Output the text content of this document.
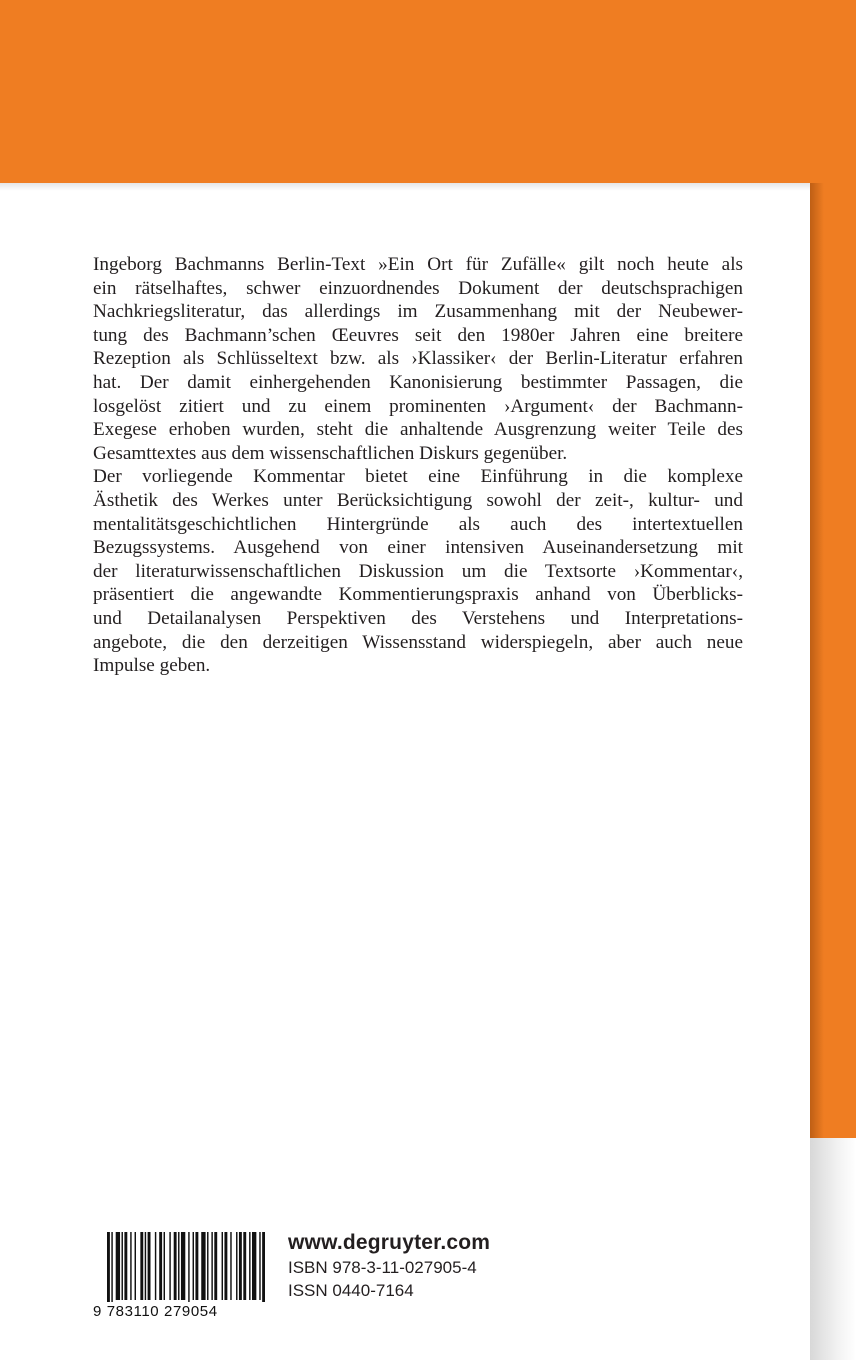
Ingeborg Bachmanns Berlin-Text »Ein Ort für Zufälle« gilt noch heute als
ein rätselhaftes, schwer einzuordnendes Dokument der deutschsprachigen
Nachkriegsliteratur, das allerdings im Zusammenhang mit der Neubewer-
tung des Bachmann’schen Œeuvres seit den 1980er Jahren eine breitere
Rezeption als Schlüsseltext bzw. als ›Klassiker‹ der Berlin-Literatur erfahren
hat. Der damit einhergehenden Kanonisierung bestimmter Passagen, die
losgelöst zitiert und zu einem prominenten ›Argument‹ der Bachmann-
Exegese erhoben wurden, steht die anhaltende Ausgrenzung weiter Teile des
Gesamttextes aus dem wissenschaftlichen Diskurs gegenüber.
Der vorliegende Kommentar bietet eine Einführung in die komplexe
Ästhetik des Werkes unter Berücksichtigung sowohl der zeit-, kultur- und
mentalitätsgeschichtlichen Hintergründe als auch des intertextuellen
Bezugssystems. Ausgehend von einer intensiven Auseinandersetzung mit
der literaturwissenschaftlichen Diskussion um die Textsorte ›Kommentar‹,
präsentiert die angewandte Kommentierungspraxis anhand von Überblicks-
und Detailanalysen Perspektiven des Verstehens und Interpretations-
angebote, die den derzeitigen Wissensstand widerspiegeln, aber auch neue
Impulse geben.
9 783110 279054
www.degruyter.com
ISBN 978-3-11-027905-4
ISSN 0440-7164
